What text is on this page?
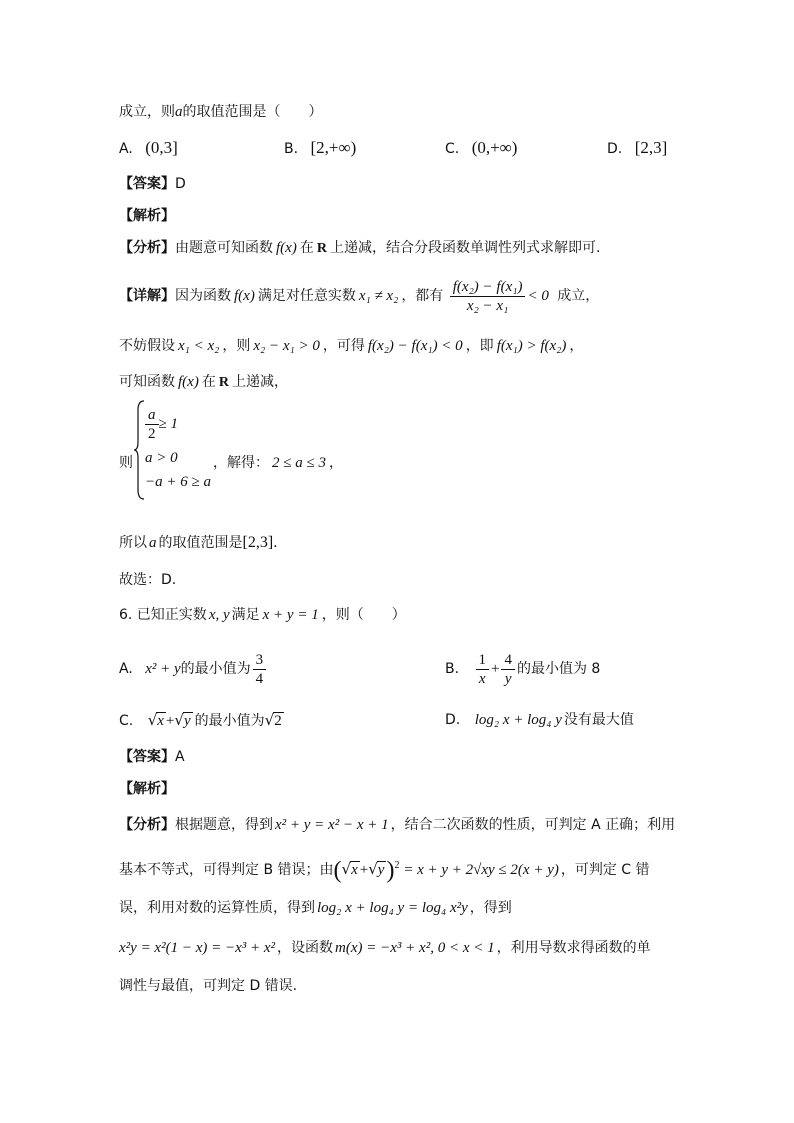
成立，则a的取值范围是（　　）
A. (0,3]	B. [2,+∞)	C. (0,+∞)	D. [2,3]
【答案】D
【解析】
【分析】由题意可知函数 f(x) 在 R 上递减，结合分段函数单调性列式求解即可.
【详解】因为函数 f(x) 满足对任意实数 x₁ ≠ x₂ ，都有 $\frac{\text{f(x₂) − f(x₁)}}{\text{x₂ − x₁}} < 0$ 成立，
不妨假设 x₁ < x₂ ，则 x₂ − x₁ > 0 ，可得 f(x₂) − f(x₁) < 0 ，即 f(x₁) > f(x₂) ，
可知函数 f(x) 在 R 上递减，
则
$\frac{a}{2} \ge 1$
a > 0
−a + 6 ≥ a
，解得： 2 ≤ a ≤ 3 ，
所以 a 的取值范围是[2,3].
故选：D.
6. 已知正实数 x, y 满足 x + y = 1 ，则（　　）
A. x² + y的最小值为 $\frac{3}{4}$	B. $\frac{1}{x} + \frac{4}{y}$ 的最小值为 8
C. √x +√y 的最小值为√2	D. log₂ x + log₄ y 没有最大值
【答案】A
【解析】
【分析】根据题意，得到 x² + y = x² − x + 1 ，结合二次函数的性质，可判定 A 正确；利用
基本不等式，可得判定 B 错误；由$(√x +√y)^2 = x + y + 2√xy \le 2(x + y)$ ，可判定 C 错
误，利用对数的运算性质，得到 log₂ x + log₄ y = log₄ x²y ，得到
x²y = x²(1 − x) = −x³ + x² ，设函数 m(x) = −x³ + x², 0 < x < 1 ，利用导数求得函数的单
调性与最值，可判定 D 错误.
